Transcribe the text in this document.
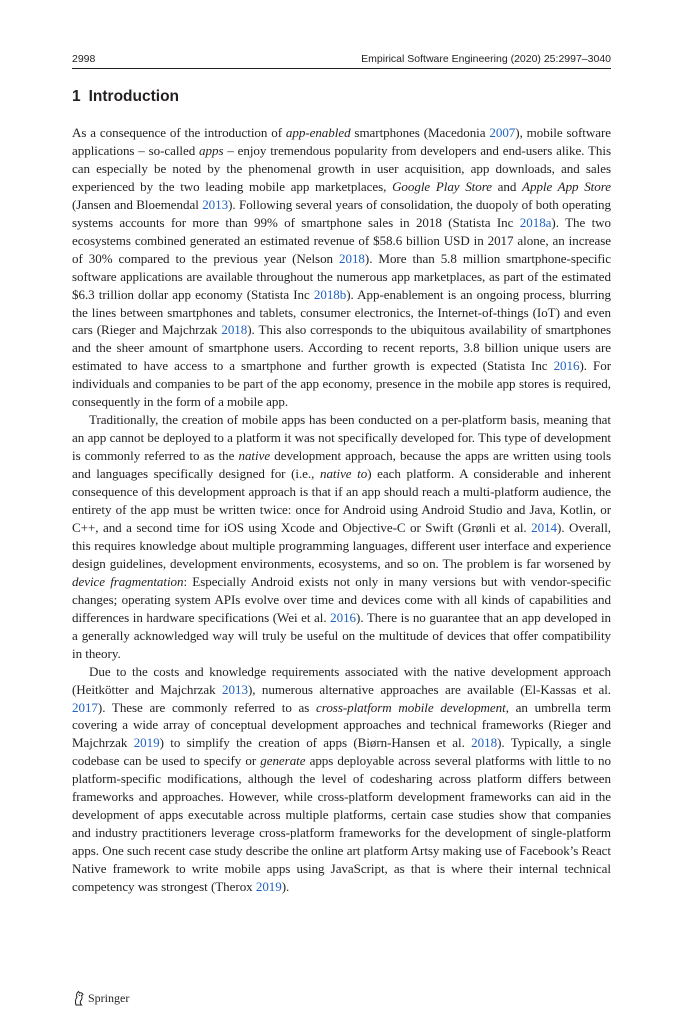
2998	Empirical Software Engineering (2020) 25:2997–3040
1 Introduction

As a consequence of the introduction of app-enabled smartphones (Macedonia 2007), mobile software applications – so-called apps – enjoy tremendous popularity from developers and end-users alike. This can especially be noted by the phenomenal growth in user acquisition, app downloads, and sales experienced by the two leading mobile app marketplaces, Google Play Store and Apple App Store (Jansen and Bloemendal 2013). Following several years of consolidation, the duopoly of both operating systems accounts for more than 99% of smartphone sales in 2018 (Statista Inc 2018a). The two ecosystems combined generated an estimated revenue of $58.6 billion USD in 2017 alone, an increase of 30% compared to the previous year (Nelson 2018). More than 5.8 million smartphone-specific software applications are available throughout the numerous app marketplaces, as part of the estimated $6.3 trillion dollar app economy (Statista Inc 2018b). App-enablement is an ongoing process, blurring the lines between smartphones and tablets, consumer electronics, the Internet-of-things (IoT) and even cars (Rieger and Majchrzak 2018). This also corresponds to the ubiquitous availability of smartphones and the sheer amount of smartphone users. According to recent reports, 3.8 billion unique users are estimated to have access to a smartphone and further growth is expected (Statista Inc 2016). For individuals and companies to be part of the app economy, presence in the mobile app stores is required, consequently in the form of a mobile app.

Traditionally, the creation of mobile apps has been conducted on a per-platform basis, meaning that an app cannot be deployed to a platform it was not specifically developed for. This type of development is commonly referred to as the native development approach, because the apps are written using tools and languages specifically designed for (i.e., native to) each platform. A considerable and inherent consequence of this development approach is that if an app should reach a multi-platform audience, the entirety of the app must be written twice: once for Android using Android Studio and Java, Kotlin, or C++, and a second time for iOS using Xcode and Objective-C or Swift (Grønli et al. 2014). Overall, this requires knowledge about multiple programming languages, different user interface and experience design guidelines, development environments, ecosystems, and so on. The problem is far worsened by device fragmentation: Especially Android exists not only in many versions but with vendor-specific changes; operating system APIs evolve over time and devices come with all kinds of capabilities and differences in hardware specifications (Wei et al. 2016). There is no guarantee that an app developed in a generally acknowledged way will truly be useful on the multitude of devices that offer compatibility in theory.

Due to the costs and knowledge requirements associated with the native development approach (Heitkötter and Majchrzak 2013), numerous alternative approaches are available (El-Kassas et al. 2017). These are commonly referred to as cross-platform mobile development, an umbrella term covering a wide array of conceptual development approaches and technical frameworks (Rieger and Majchrzak 2019) to simplify the creation of apps (Biørn-Hansen et al. 2018). Typically, a single codebase can be used to specify or generate apps deployable across several platforms with little to no platform-specific modifications, although the level of codesharing across platform differs between frameworks and approaches. However, while cross-platform development frameworks can aid in the development of apps executable across multiple platforms, certain case studies show that companies and industry practitioners leverage cross-platform frameworks for the development of single-platform apps. One such recent case study describe the online art platform Artsy making use of Facebook’s React Native framework to write mobile apps using JavaScript, as that is where their internal technical competency was strongest (Therox 2019).

Springer
